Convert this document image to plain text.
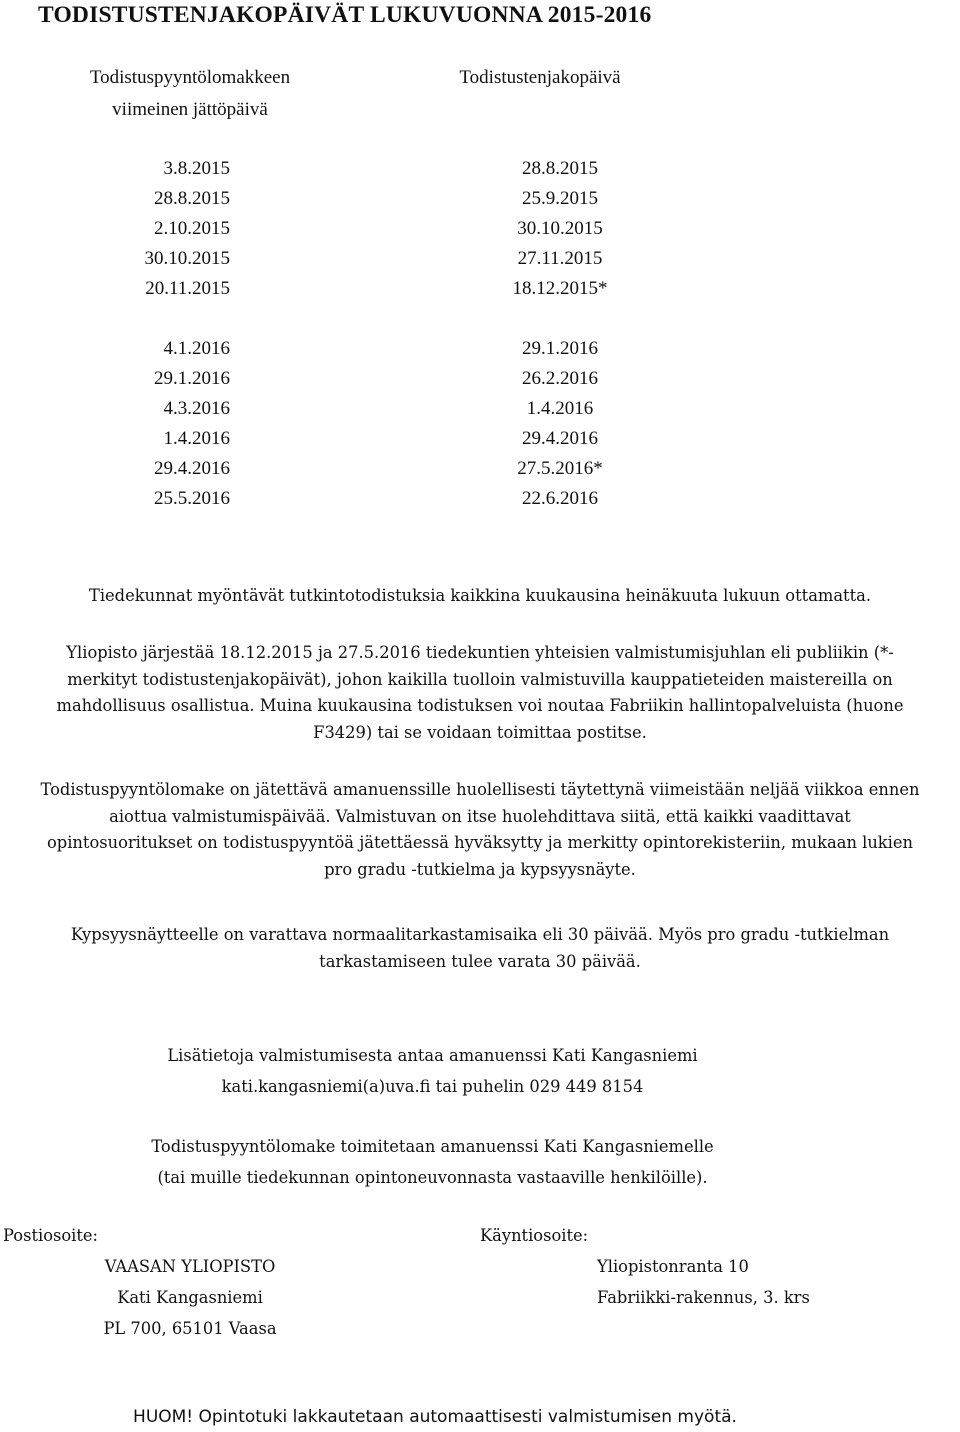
TODISTUSTENJAKOPÄIVÄT LUKUVUONNA 2015-2016
Todistuspyyntölomakkeen
viimeinen jättöpäivä
Todistustenjakopäivä
3.8.2015
28.8.2015
2.10.2015
30.10.2015
20.11.2015
4.1.2016
29.1.2016
4.3.2016
1.4.2016
29.4.2016
25.5.2016
28.8.2015
25.9.2015
30.10.2015
27.11.2015
18.12.2015*
29.1.2016
26.2.2016
1.4.2016
29.4.2016
27.5.2016*
22.6.2016
Tiedekunnat myöntävät tutkintotodistuksia kaikkina kuukausina heinäkuuta lukuun ottamatta.
Yliopisto järjestää 18.12.2015 ja 27.5.2016 tiedekuntien yhteisien valmistumisjuhlan eli publiikin (*-
merkityt todistustenjakopäivät), johon kaikilla tuolloin valmistuvilla kauppatieteiden maistereilla on
mahdollisuus osallistua. Muina kuukausina todistuksen voi noutaa Fabriikin hallintopalveluista (huone
F3429) tai se voidaan toimittaa postitse.
Todistuspyyntölomake on jätettävä amanuenssille huolellisesti täytettynä viimeistään neljää viikkoa ennen
aiottua valmistumispäivää. Valmistuvan on itse huolehdittava siitä, että kaikki vaadittavat
opintosuoritukset on todistuspyyntöä jätettäessä hyväksytty ja merkitty opintorekisteriin, mukaan lukien
pro gradu -tutkielma ja kypsyysnäyte.
Kypsyysnäytteelle on varattava normaalitarkastamisaika eli 30 päivää. Myös pro gradu -tutkielman
tarkastamiseen tulee varata 30 päivää.
Lisätietoja valmistumisesta antaa amanuenssi Kati Kangasniemi
kati.kangasniemi(a)uva.fi tai puhelin 029 449 8154
Todistuspyyntölomake toimitetaan amanuenssi Kati Kangasniemelle
(tai muille tiedekunnan opintoneuvonnasta vastaaville henkilöille).
Postiosoite:	Käyntiosoite:
VAASAN YLIOPISTO
Kati Kangasniemi
PL 700, 65101 Vaasa
Yliopistonranta 10
Fabriikki-rakennus, 3. krs
HUOM! Opintotuki lakkautetaan automaattisesti valmistumisen myötä.
